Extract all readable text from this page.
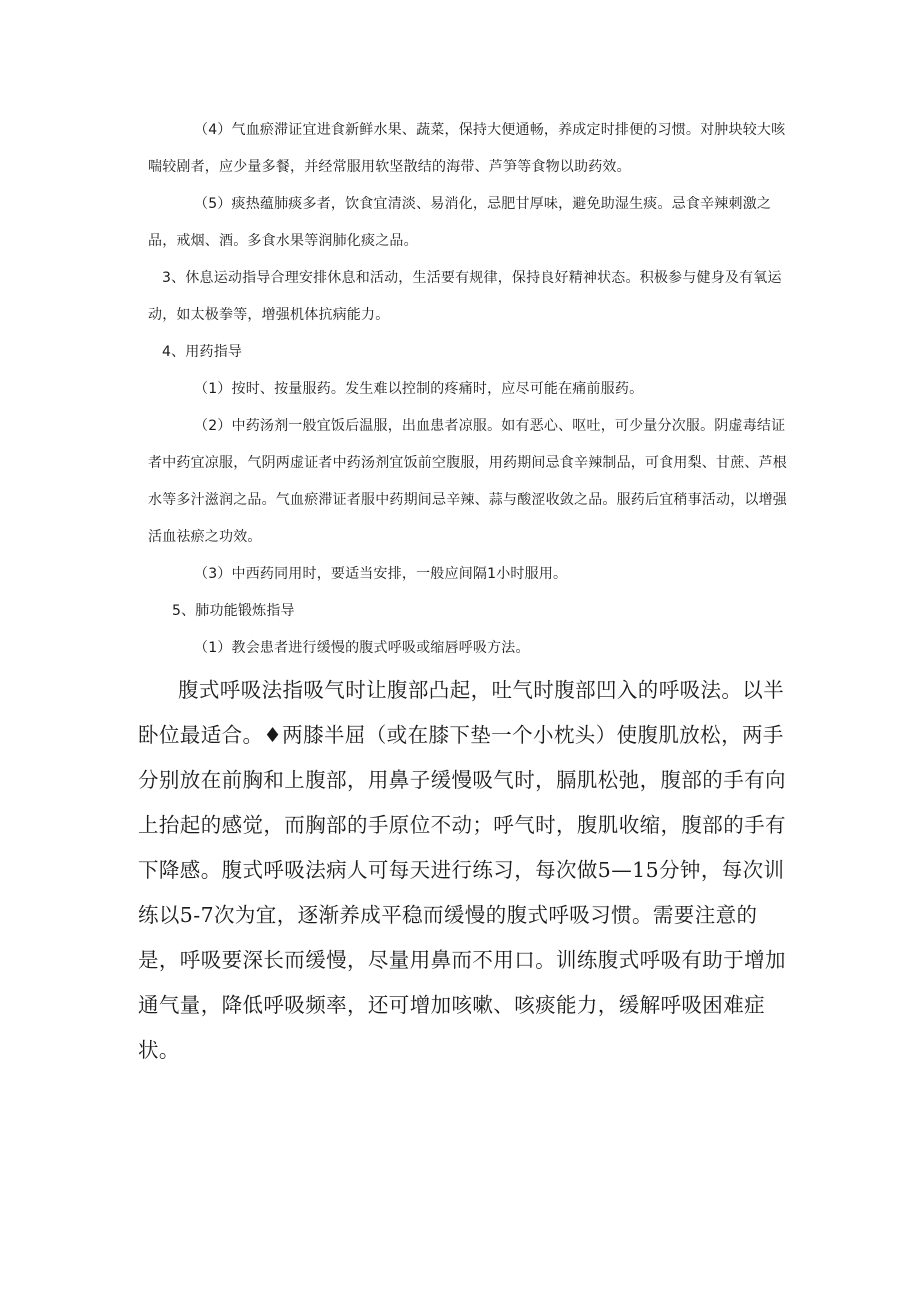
（4）气血瘀滞证宜进食新鲜水果、蔬菜，保持大便通畅，养成定时排便的习惯。对肿块较大咳喘较剧者，应少量多餐，并经常服用软坚散结的海带、芦笋等食物以助药效。

（5）痰热蕴肺痰多者，饮食宜清淡、易消化，忌肥甘厚味，避免助湿生痰。忌食辛辣刺激之品，戒烟、酒。多食水果等润肺化痰之品。

3、休息运动指导合理安排休息和活动，生活要有规律，保持良好精神状态。积极参与健身及有氧运动，如太极拳等，增强机体抗病能力。

4、用药指导

（1）按时、按量服药。发生难以控制的疼痛时，应尽可能在痛前服药。

（2）中药汤剂一般宜饭后温服，出血患者凉服。如有恶心、呕吐，可少量分次服。阴虚毒结证者中药宜凉服，气阴两虚证者中药汤剂宜饭前空腹服，用药期间忌食辛辣制品，可食用梨、甘蔗、芦根水等多汁滋润之品。气血瘀滞证者服中药期间忌辛辣、蒜与酸涩收敛之品。服药后宜稍事活动，以增强活血祛瘀之功效。

（3）中西药同用时，要适当安排，一般应间隔1小时服用。

5、肺功能锻炼指导

（1）教会患者进行缓慢的腹式呼吸或缩唇呼吸方法。

腹式呼吸法指吸气时让腹部凸起，吐气时腹部凹入的呼吸法。以半卧位最适合。♦两膝半屈（或在膝下垫一个小枕头）使腹肌放松，两手分别放在前胸和上腹部，用鼻子缓慢吸气时，膈肌松弛，腹部的手有向上抬起的感觉，而胸部的手原位不动；呼气时，腹肌收缩，腹部的手有下降感。腹式呼吸法病人可每天进行练习，每次做5—15分钟，每次训练以5-7次为宜，逐渐养成平稳而缓慢的腹式呼吸习惯。需要注意的是，呼吸要深长而缓慢，尽量用鼻而不用口。训练腹式呼吸有助于增加通气量，降低呼吸频率，还可增加咳嗽、咳痰能力，缓解呼吸困难症状。
